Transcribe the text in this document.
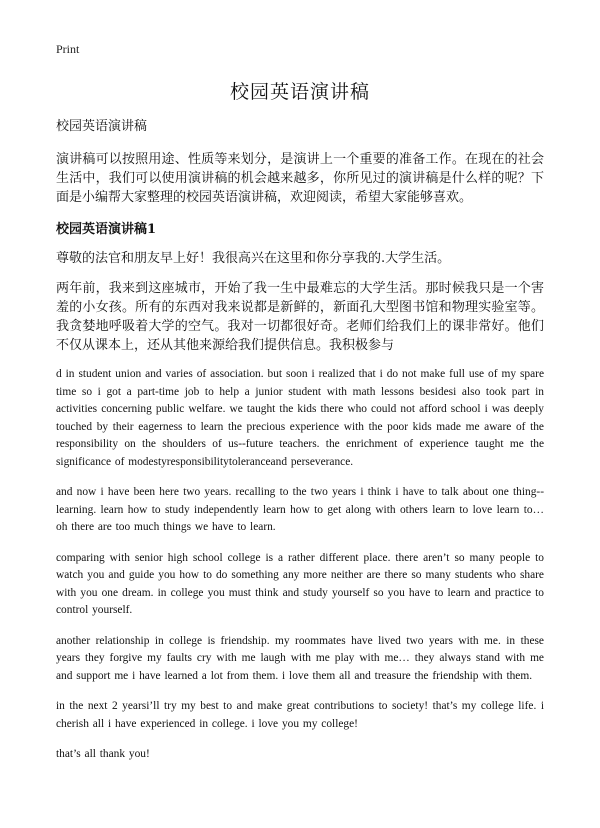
Print

校园英语演讲稿

校园英语演讲稿

演讲稿可以按照用途、性质等来划分，是演讲上一个重要的准备工作。在现在的社会生活中，我们可以使用演讲稿的机会越来越多，你所见过的演讲稿是什么样的呢？下面是小编帮大家整理的校园英语演讲稿，欢迎阅读，希望大家能够喜欢。

校园英语演讲稿1

尊敬的法官和朋友早上好！我很高兴在这里和你分享我的.大学生活。

两年前，我来到这座城市，开始了我一生中最难忘的大学生活。那时候我只是一个害羞的小女孩。所有的东西对我来说都是新鲜的，新面孔大型图书馆和物理实验室等。我贪婪地呼吸着大学的空气。我对一切都很好奇。老师们给我们上的课非常好。他们不仅从课本上，还从其他来源给我们提供信息。我积极参与

d in student union and varies of association. but soon i realized that i do not make full use of my spare time so i got a part-time job to help a junior student with math lessons besidesi also took part in activities concerning public welfare. we taught the kids there who could not afford school i was deeply touched by their eagerness to learn the precious experience with the poor kids made me aware of the responsibility on the shoulders of us--future teachers. the enrichment of experience taught me the significance of modestyresponsibilitytoleranceand perseverance.

and now i have been here two years. recalling to the two years i think i have to talk about one thing--learning. learn how to study independently learn how to get along with others learn to love learn to… oh there are too much things we have to learn.

comparing with senior high school college is a rather different place. there aren’t so many people to watch you and guide you how to do something any more neither are there so many students who share with you one dream. in college you must think and study yourself so you have to learn and practice to control yourself.

another relationship in college is friendship. my roommates have lived two years with me. in these years they forgive my faults cry with me laugh with me play with me… they always stand with me and support me i have learned a lot from them. i love them all and treasure the friendship with them.

in the next 2 yearsi’ll try my best to and make great contributions to society! that’s my college life. i cherish all i have experienced in college. i love you my college!

that’s all thank you!
